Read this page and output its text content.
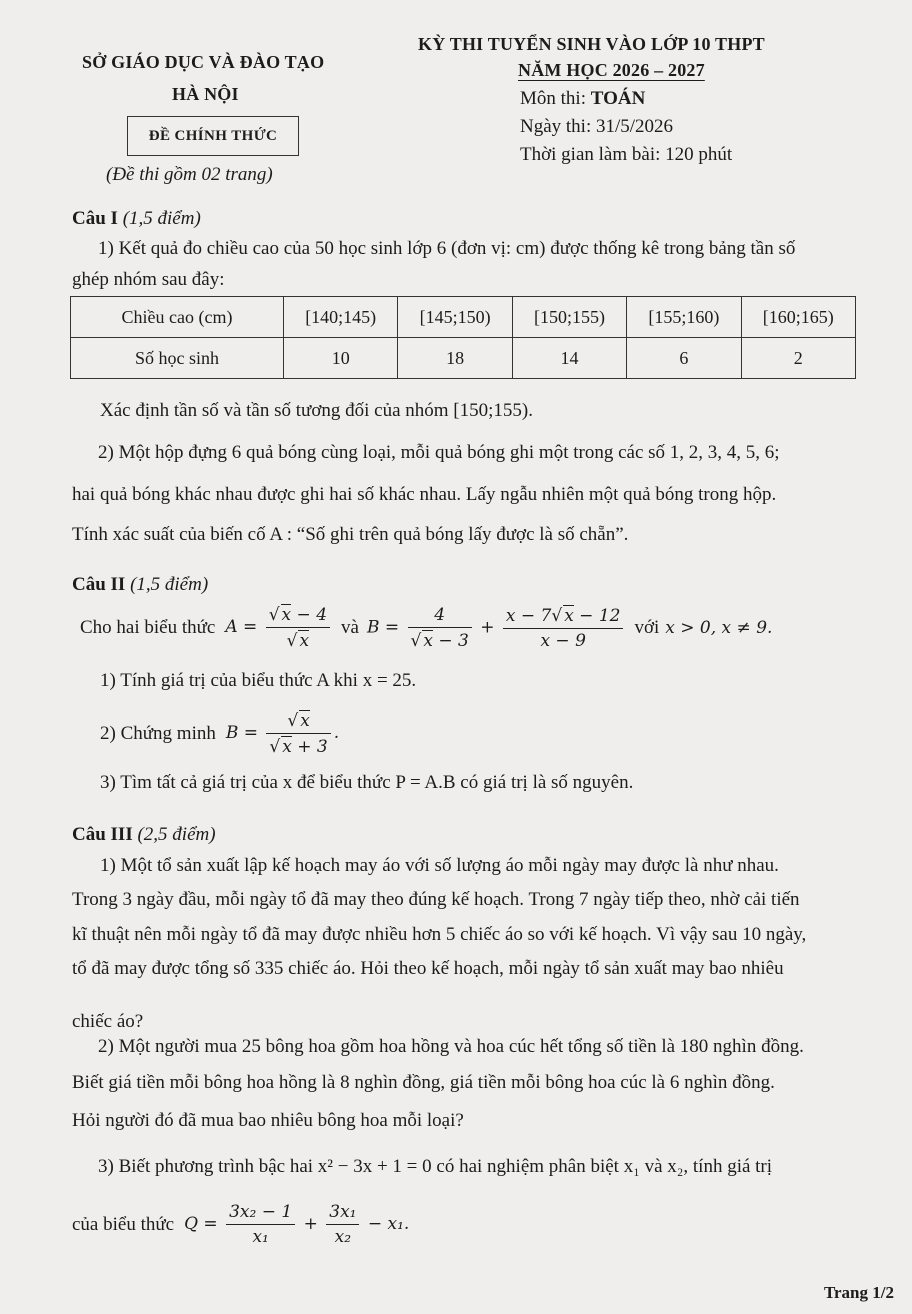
SỞ GIÁO DỤC VÀ ĐÀO TẠO
HÀ NỘI
ĐỀ CHÍNH THỨC
(Đề thi gồm 02 trang)
KỲ THI TUYỂN SINH VÀO LỚP 10 THPT
NĂM HỌC 2026 – 2027
Môn thi: TOÁN
Ngày thi: 31/5/2026
Thời gian làm bài: 120 phút
Câu I (1,5 điểm)
1) Kết quả đo chiều cao của 50 học sinh lớp 6 (đơn vị: cm) được thống kê trong bảng tần số
ghép nhóm sau đây:
Chiều cao (cm)	[140;145)	[145;150)	[150;155)	[155;160)	[160;165)
Số học sinh	10	18	14	6	2
Xác định tần số và tần số tương đối của nhóm [150;155).
2) Một hộp đựng 6 quả bóng cùng loại, mỗi quả bóng ghi một trong các số 1, 2, 3, 4, 5, 6;
hai quả bóng khác nhau được ghi hai số khác nhau. Lấy ngẫu nhiên một quả bóng trong hộp.
Tính xác suất của biến cố A : “Số ghi trên quả bóng lấy được là số chẵn”.
Câu II (1,5 điểm)
Cho hai biểu thức $A = \frac{√ x - 4}{√ x}$ và $B = \frac{4}{√ x - 3} + \frac{x - 7√ x - 12}{x - 9}$ với x > 0, x ≠ 9.
1) Tính giá trị của biểu thức A khi x = 25.
2) Chứng minh $B = \frac{√ x}{√ x + 3}$ .
3) Tìm tất cả giá trị của x để biểu thức P = A.B có giá trị là số nguyên.
Câu III (2,5 điểm)
1) Một tổ sản xuất lập kế hoạch may áo với số lượng áo mỗi ngày may được là như nhau.
Trong 3 ngày đầu, mỗi ngày tổ đã may theo đúng kế hoạch. Trong 7 ngày tiếp theo, nhờ cải tiến
kĩ thuật nên mỗi ngày tổ đã may được nhiều hơn 5 chiếc áo so với kế hoạch. Vì vậy sau 10 ngày,
tổ đã may được tổng số 335 chiếc áo. Hỏi theo kế hoạch, mỗi ngày tổ sản xuất may bao nhiêu
chiếc áo?
2) Một người mua 25 bông hoa gồm hoa hồng và hoa cúc hết tổng số tiền là 180 nghìn đồng.
Biết giá tiền mỗi bông hoa hồng là 8 nghìn đồng, giá tiền mỗi bông hoa cúc là 6 nghìn đồng.
Hỏi người đó đã mua bao nhiêu bông hoa mỗi loại?
3) Biết phương trình bậc hai x² − 3x + 1 = 0 có hai nghiệm phân biệt x₁ và x₂, tính giá trị
của biểu thức $Q = \frac{\text{3x₂ − 1}}{\text{x₁}} + \frac{\text{3x₁}}{\text{x₂}} - x_1$.
Trang 1/2
